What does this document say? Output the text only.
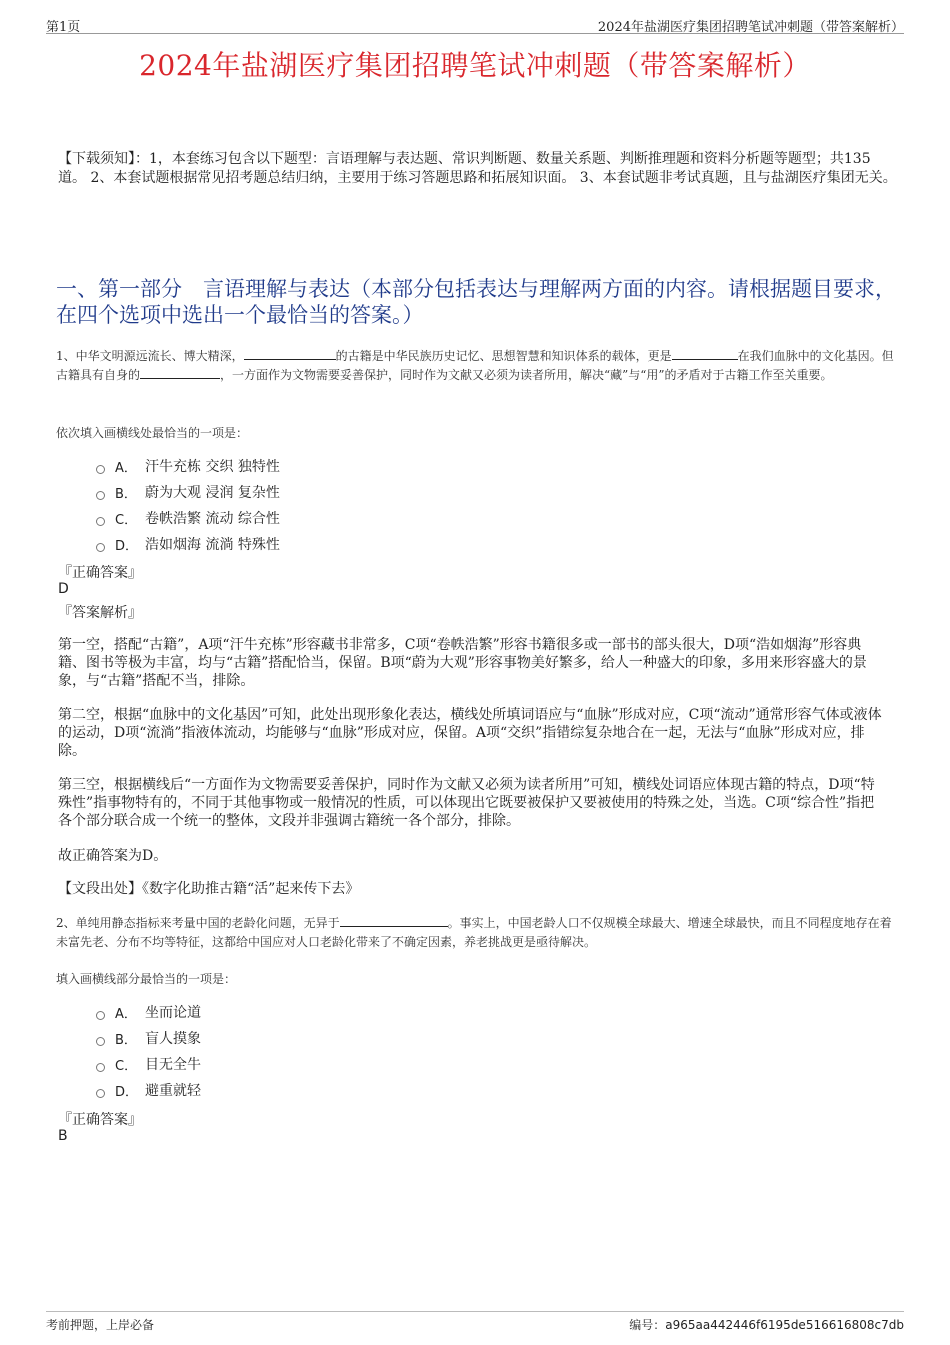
第1页	2024年盐湖医疗集团招聘笔试冲刺题（带答案解析）
2024年盐湖医疗集团招聘笔试冲刺题（带答案解析）
【下载须知】：1，本套练习包含以下题型：言语理解与表达题、常识判断题、数量关系题、判断推理题和资料分析题等题型；共135道。 2、本套试题根据常见招考题总结归纳，主要用于练习答题思路和拓展知识面。 3、本套试题非考试真题，且与盐湖医疗集团无关。
一、第一部分　言语理解与表达（本部分包括表达与理解两方面的内容。请根据题目要求，在四个选项中选出一个最恰当的答案。）
1、中华文明源远流长、博大精深，	的古籍是中华民族历史记忆、思想智慧和知识体系的载体，更是	在我们血脉中的文化基因。但古籍具有自身的	，一方面作为文物需要妥善保护，同时作为文献又必须为读者所用，解决“藏”与“用”的矛盾对于古籍工作至关重要。
依次填入画横线处最恰当的一项是：
A． 汗牛充栋 交织 独特性
B． 蔚为大观 浸润 复杂性
C． 卷帙浩繁 流动 综合性
D． 浩如烟海 流淌 特殊性
『正确答案』
D
『答案解析』
第一空，搭配“古籍”，A项“汗牛充栋”形容藏书非常多，C项“卷帙浩繁”形容书籍很多或一部书的部头很大，D项“浩如烟海”形容典籍、图书等极为丰富，均与“古籍”搭配恰当，保留。B项“蔚为大观”形容事物美好繁多，给人一种盛大的印象，多用来形容盛大的景象，与“古籍”搭配不当，排除。
第二空，根据“血脉中的文化基因”可知，此处出现形象化表达，横线处所填词语应与“血脉”形成对应，C项“流动”通常形容气体或液体的运动，D项“流淌”指液体流动，均能够与“血脉”形成对应，保留。A项“交织”指错综复杂地合在一起，无法与“血脉”形成对应，排除。
第三空，根据横线后“一方面作为文物需要妥善保护，同时作为文献又必须为读者所用”可知，横线处词语应体现古籍的特点，D项“特殊性”指事物特有的，不同于其他事物或一般情况的性质，可以体现出它既要被保护又要被使用的特殊之处，当选。C项“综合性”指把各个部分联合成一个统一的整体，文段并非强调古籍统一各个部分，排除。
故正确答案为D。
【文段出处】《数字化助推古籍“活”起来传下去》
2、单纯用静态指标来考量中国的老龄化问题，无异于	。事实上，中国老龄人口不仅规模全球最大、增速全球最快，而且不同程度地存在着未富先老、分布不均等特征，这都给中国应对人口老龄化带来了不确定因素，养老挑战更是亟待解决。
填入画横线部分最恰当的一项是：
A． 坐而论道
B． 盲人摸象
C． 目无全牛
D． 避重就轻
『正确答案』
B
考前押题，上岸必备	编号：a965aa442446f6195de516616808c7db
